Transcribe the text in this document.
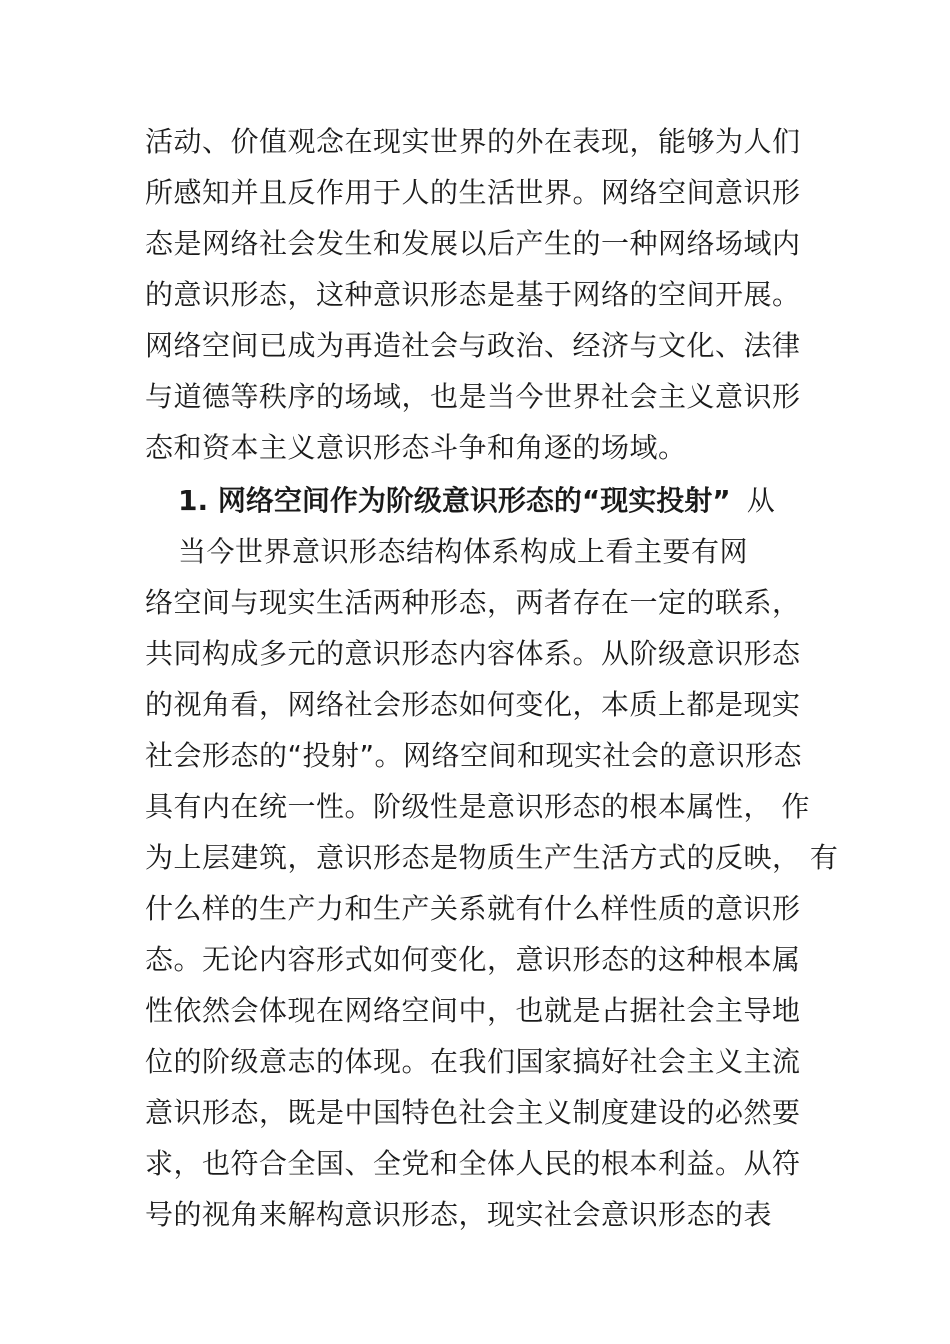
活动、价值观念在现实世界的外在表现，能够为人们
所感知并且反作用于人的生活世界。网络空间意识形
态是网络社会发生和发展以后产生的一种网络场域内
的意识形态，这种意识形态是基于网络的空间开展。
网络空间已成为再造社会与政治、经济与文化、法律
与道德等秩序的场域，也是当今世界社会主义意识形
态和资本主义意识形态斗争和角逐的场域。
1. 网络空间作为阶级意识形态的“现实投射” 从
当今世界意识形态结构体系构成上看主要有网
络空间与现实生活两种形态，两者存在一定的联系，
共同构成多元的意识形态内容体系。从阶级意识形态
的视角看，网络社会形态如何变化，本质上都是现实
社会形态的“投射”。网络空间和现实社会的意识形态
具有内在统一性。阶级性是意识形态的根本属性， 作
为上层建筑，意识形态是物质生产生活方式的反映， 有
什么样的生产力和生产关系就有什么样性质的意识形
态。无论内容形式如何变化，意识形态的这种根本属
性依然会体现在网络空间中，也就是占据社会主导地
位的阶级意志的体现。在我们国家搞好社会主义主流
意识形态，既是中国特色社会主义制度建设的必然要
求，也符合全国、全党和全体人民的根本利益。从符
号的视角来解构意识形态，现实社会意识形态的表
